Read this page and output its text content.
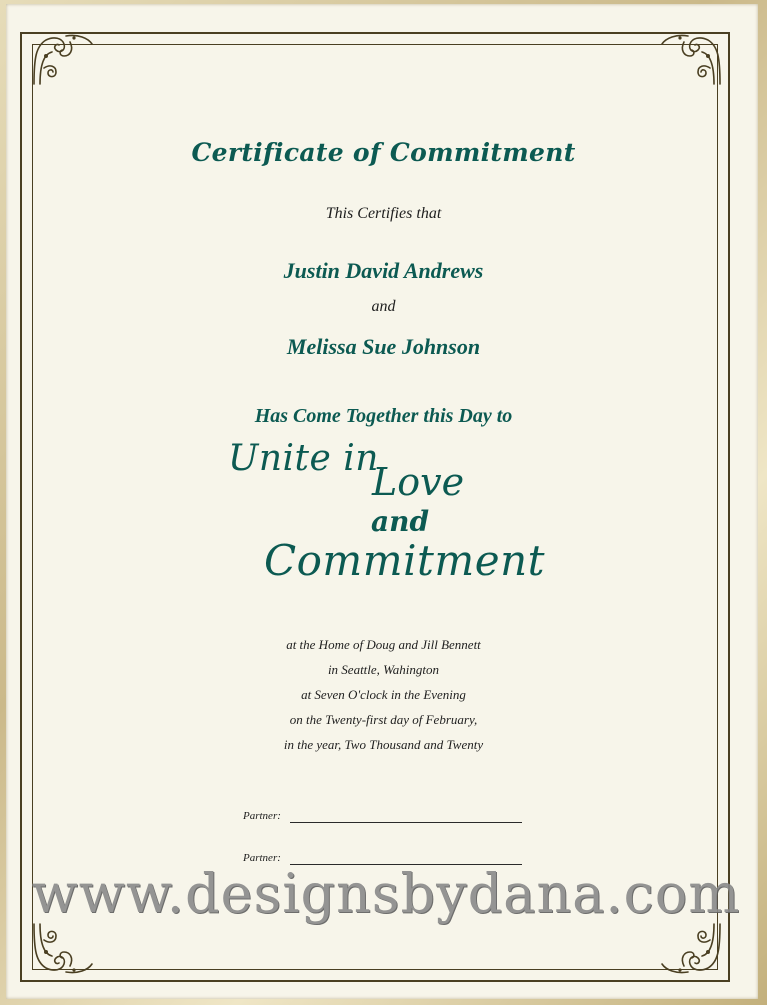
Certificate of Commitment
This Certifies that
Justin David Andrews
and
Melissa Sue Johnson
Has Come Together this Day to
Unite in
Love
and
Commitment
at the Home of Doug and Jill Bennett
in Seattle, Wahington
at Seven O'clock in the Evening
on the Twenty-first day of February,
in the year, Two Thousand and Twenty
Partner:
Partner:
www.designsbydana.com
